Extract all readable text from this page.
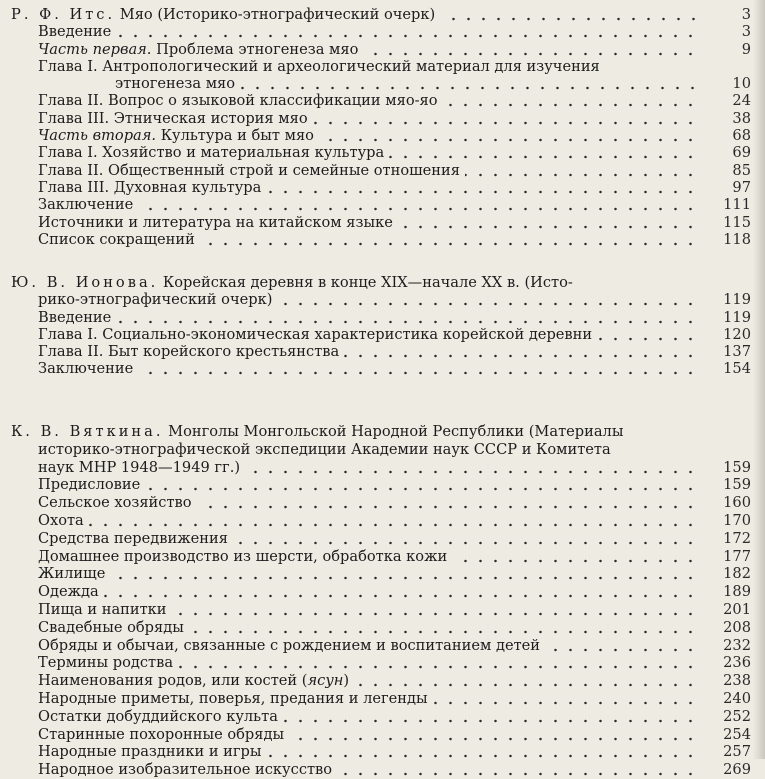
Р. Ф. Итс. Мяо (Историко-этнографический очерк)	3
Введение	3
Часть первая. Проблема этногенеза мяо	9
Глава I. Антропологический и археологический материал для изучения
этногенеза мяо	10
Глава II. Вопрос о языковой классификации мяо-яо	24
Глава III. Этническая история мяо	38
Часть вторая. Культура и быт мяо	68
Глава I. Хозяйство и материальная культура	69
Глава II. Общественный строй и семейные отношения	85
Глава III. Духовная культура	97
Заключение	111
Источники и литература на китайском языке	115
Список сокращений	118
Ю. В. Ионова. Корейская деревня в конце XIX—начале XX в. (Исто-
рико-этнографический очерк)	119
Введение	119
Глава I. Социально-экономическая характеристика корейской деревни	120
Глава II. Быт корейского крестьянства	137
Заключение	154
К. В. Вяткина. Монголы Монгольской Народной Республики (Материалы
историко-этнографической экспедиции Академии наук СССР и Комитета
наук МНР 1948—1949 гг.)	159
Предисловие	159
Сельское хозяйство	160
Охота	170
Средства передвижения	172
Домашнее производство из шерсти, обработка кожи	177
Жилище	182
Одежда	189
Пища и напитки	201
Свадебные обряды	208
Обряды и обычаи, связанные с рождением и воспитанием детей	232
Термины родства	236
Наименования родов, или костей (ясун)	238
Народные приметы, поверья, предания и легенды	240
Остатки добуддийского культа	252
Старинные похоронные обряды	254
Народные праздники и игры	257
Народное изобразительное искусство	269
